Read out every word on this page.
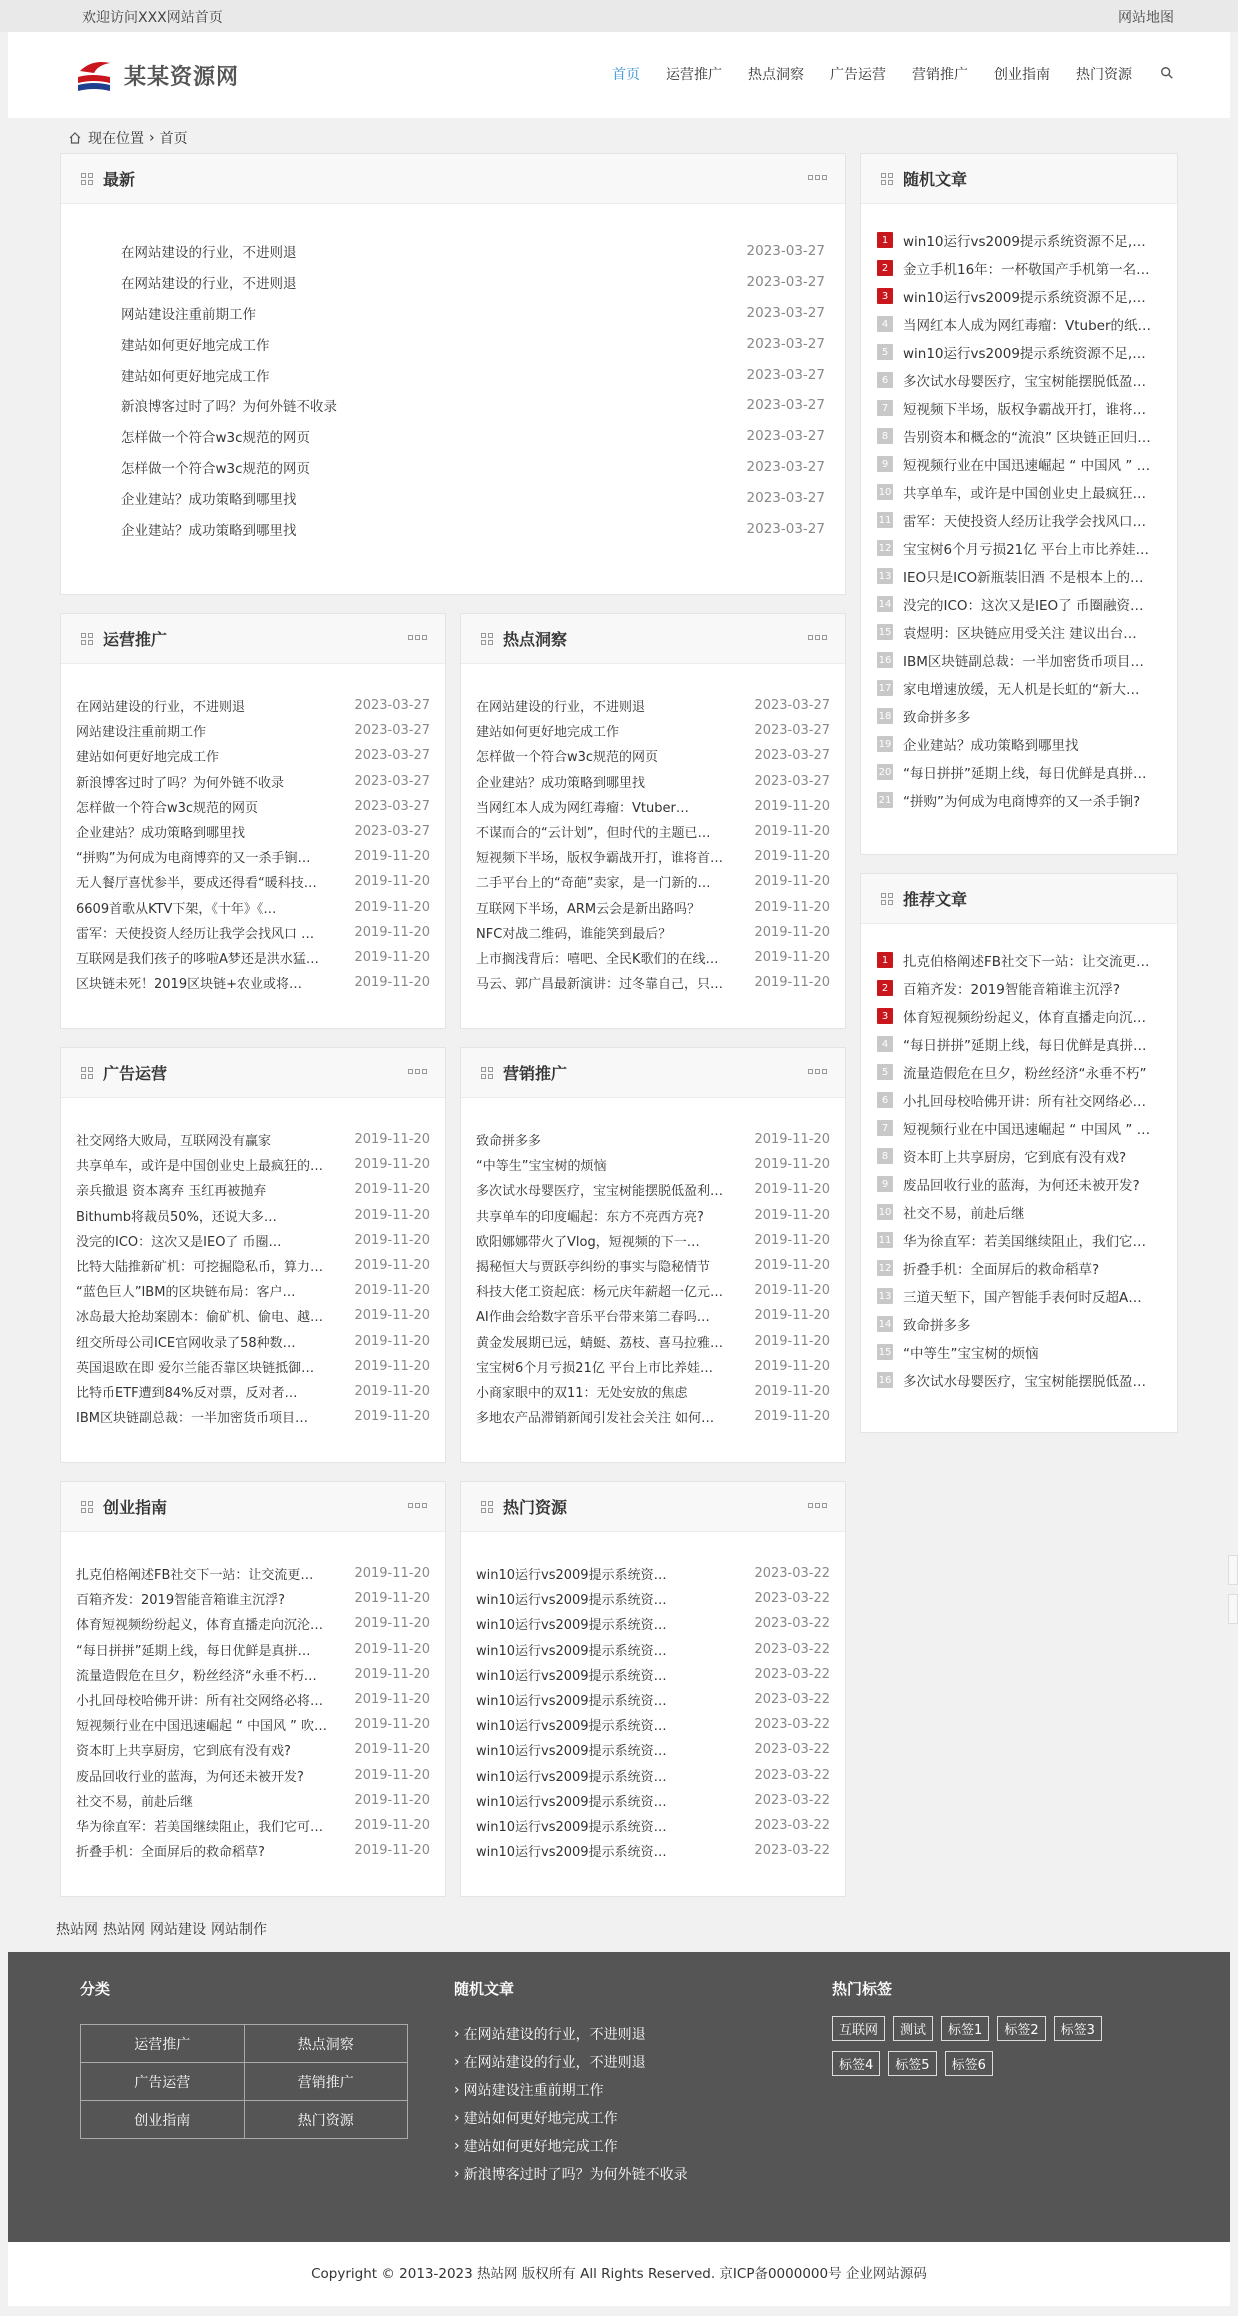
欢迎访问XXX网站首页	网站地图
某某资源网	首页 运营推广 热点洞察 广告运营 营销推广 创业指南 热门资源
现在位置 › 首页
最新
在网站建设的行业，不进则退	2023-03-27
在网站建设的行业，不进则退	2023-03-27
网站建设注重前期工作	2023-03-27
建站如何更好地完成工作	2023-03-27
建站如何更好地完成工作	2023-03-27
新浪博客过时了吗？为何外链不收录	2023-03-27
怎样做一个符合w3c规范的网页	2023-03-27
怎样做一个符合w3c规范的网页	2023-03-27
企业建站？成功策略到哪里找	2023-03-27
企业建站？成功策略到哪里找	2023-03-27
运营推广
在网站建设的行业，不进则退	2023-03-27
网站建设注重前期工作	2023-03-27
建站如何更好地完成工作	2023-03-27
新浪博客过时了吗？为何外链不收录	2023-03-27
怎样做一个符合w3c规范的网页	2023-03-27
企业建站？成功策略到哪里找	2023-03-27
“拼购”为何成为电商博弈的又一杀手锏…	2019-11-20
无人餐厅喜忧参半，要成还得看“暖科技…	2019-11-20
6609首歌从KTV下架，《十年》《…	2019-11-20
雷军：天使投资人经历让我学会找风口 …	2019-11-20
互联网是我们孩子的哆啦A梦还是洪水猛…	2019-11-20
区块链未死！2019区块链+农业或将…	2019-11-20
热点洞察
在网站建设的行业，不进则退	2023-03-27
建站如何更好地完成工作	2023-03-27
怎样做一个符合w3c规范的网页	2023-03-27
企业建站？成功策略到哪里找	2023-03-27
当网红本人成为网红毒瘤：Vtuber…	2019-11-20
不谋而合的“云计划”，但时代的主题已…	2019-11-20
短视频下半场，版权争霸战开打，谁将首… 2019-11-20
二手平台上的“奇葩”卖家，是一门新的…	2019-11-20
互联网下半场，ARM云会是新出路吗？	2019-11-20
NFC对战二维码，谁能笑到最后？	2019-11-20
上市搁浅背后：嘻吧、全民K歌们的在线…	2019-11-20
马云、郭广昌最新演讲：过冬靠自己，只… 2019-11-20
广告运营
社交网络大败局，互联网没有赢家	2019-11-20
共享单车，或许是中国创业史上最疯狂的… 2019-11-20
亲兵撤退 资本离弃 玉红再被抛弃	2019-11-20
Bithumb将裁员50%，还说大多…	2019-11-20
没完的ICO：这次又是IEO了 币圈…	2019-11-20
比特大陆推新矿机：可挖掘隐私币，算力… 2019-11-20
“蓝色巨人”IBM的区块链布局：客户…	2019-11-20
冰岛最大抢劫案剧本：偷矿机、偷电、越… 2019-11-20
纽交所母公司ICE官网收录了58种数…	2019-11-20
英国退欧在即 爱尔兰能否靠区块链抵御…	2019-11-20
比特币ETF遭到84%反对票，反对者…	2019-11-20
IBM区块链副总裁：一半加密货币项目…	2019-11-20
营销推广
致命拼多多	2019-11-20
“中等生”宝宝树的烦恼	2019-11-20
多次试水母婴医疗，宝宝树能摆脱低盈利… 2019-11-20
共享单车的印度崛起：东方不亮西方亮?	2019-11-20
欧阳娜娜带火了Vlog，短视频的下一…	2019-11-20
揭秘恒大与贾跃亭纠纷的事实与隐秘情节	2019-11-20
科技大佬工资起底：杨元庆年薪超一亿元… 2019-11-20
AI作曲会给数字音乐平台带来第二春吗…	2019-11-20
黄金发展期已远，蜻蜓、荔枝、喜马拉雅… 2019-11-20
宝宝树6个月亏损21亿 平台上市比养娃…	2019-11-20
小商家眼中的双11：无处安放的焦虑	2019-11-20
多地农产品滞销新闻引发社会关注 如何…	2019-11-20
创业指南
扎克伯格阐述FB社交下一站：让交流更…	2019-11-20
百箱齐发：2019智能音箱谁主沉浮?	2019-11-20
体育短视频纷纷起义，体育直播走向沉沦… 2019-11-20
“每日拼拼”延期上线，每日优鲜是真拼…	2019-11-20
流量造假危在旦夕，粉丝经济“永垂不朽…	2019-11-20
小扎回母校哈佛开讲：所有社交网络必将… 2019-11-20
短视频行业在中国迅速崛起 “ 中国风 ” 吹… 2019-11-20
资本盯上共享厨房，它到底有没有戏?	2019-11-20
废品回收行业的蓝海，为何还未被开发?	2019-11-20
社交不易，前赴后继	2019-11-20
华为徐直军：若美国继续阻止，我们它可… 2019-11-20
折叠手机：全面屏后的救命稻草?	2019-11-20
热门资源
win10运行vs2009提示系统资…	2023-03-22
win10运行vs2009提示系统资…	2023-03-22
win10运行vs2009提示系统资…	2023-03-22
win10运行vs2009提示系统资…	2023-03-22
win10运行vs2009提示系统资…	2023-03-22
win10运行vs2009提示系统资…	2023-03-22
win10运行vs2009提示系统资…	2023-03-22
win10运行vs2009提示系统资…	2023-03-22
win10运行vs2009提示系统资…	2023-03-22
win10运行vs2009提示系统资…	2023-03-22
win10运行vs2009提示系统资…	2023-03-22
win10运行vs2009提示系统资…	2023-03-22
随机文章
1	win10运行vs2009提示系统资源不足,无…
2	金立手机16年：一杯敬国产手机第一名…
3	win10运行vs2009提示系统资源不足,无…
4	当网红本人成为网红毒瘤：Vtuber的纸…
5	win10运行vs2009提示系统资源不足,无…
6	多次试水母婴医疗，宝宝树能摆脱低盈…
7	短视频下半场，版权争霸战开打，谁将…
8	告别资本和概念的“流浪” 区块链正回归…
9	短视频行业在中国迅速崛起 “ 中国风 ” …
10 共享单车，或许是中国创业史上最疯狂…
11 雷军：天使投资人经历让我学会找风口…
12 宝宝树6个月亏损21亿 平台上市比养娃…
13 IEO只是ICO新瓶装旧酒 不是根本上的…
14 没完的ICO：这次又是IEO了 币圈融资…
15 袁煜明：区块链应用受关注 建议出台…
16 IBM区块链副总裁：一半加密货币项目…
17 家电增速放缓，无人机是长虹的“新大…
18 致命拼多多
19 企业建站？成功策略到哪里找
20 “每日拼拼”延期上线，每日优鲜是真拼…
21 “拼购”为何成为电商博弈的又一杀手锏?
推荐文章
1	扎克伯格阐述FB社交下一站：让交流更…
2	百箱齐发：2019智能音箱谁主沉浮?
3	体育短视频纷纷起义，体育直播走向沉…
4	“每日拼拼”延期上线，每日优鲜是真拼…
5	流量造假危在旦夕，粉丝经济“永垂不朽”
6	小扎回母校哈佛开讲：所有社交网络必…
7	短视频行业在中国迅速崛起 “ 中国风 ” …
8	资本盯上共享厨房，它到底有没有戏?
9	废品回收行业的蓝海，为何还未被开发?
10 社交不易，前赴后继
11 华为徐直军：若美国继续阻止，我们它…
12 折叠手机：全面屏后的救命稻草?
13 三道天堑下，国产智能手表何时反超A…
14 致命拼多多
15 “中等生”宝宝树的烦恼
16 多次试水母婴医疗，宝宝树能摆脱低盈…
热站网 热站网 网站建设 网站制作
分类
运营推广	热点洞察
广告运营	营销推广
创业指南	热门资源
随机文章
› 在网站建设的行业，不进则退
› 在网站建设的行业，不进则退
› 网站建设注重前期工作
› 建站如何更好地完成工作
› 建站如何更好地完成工作
› 新浪博客过时了吗？为何外链不收录
热门标签
互联网	测试	标签1	标签2	标签3
标签4	标签5	标签6
Copyright © 2013-2023 热站网 版权所有 All Rights Reserved. 京ICP备0000000号 企业网站源码
